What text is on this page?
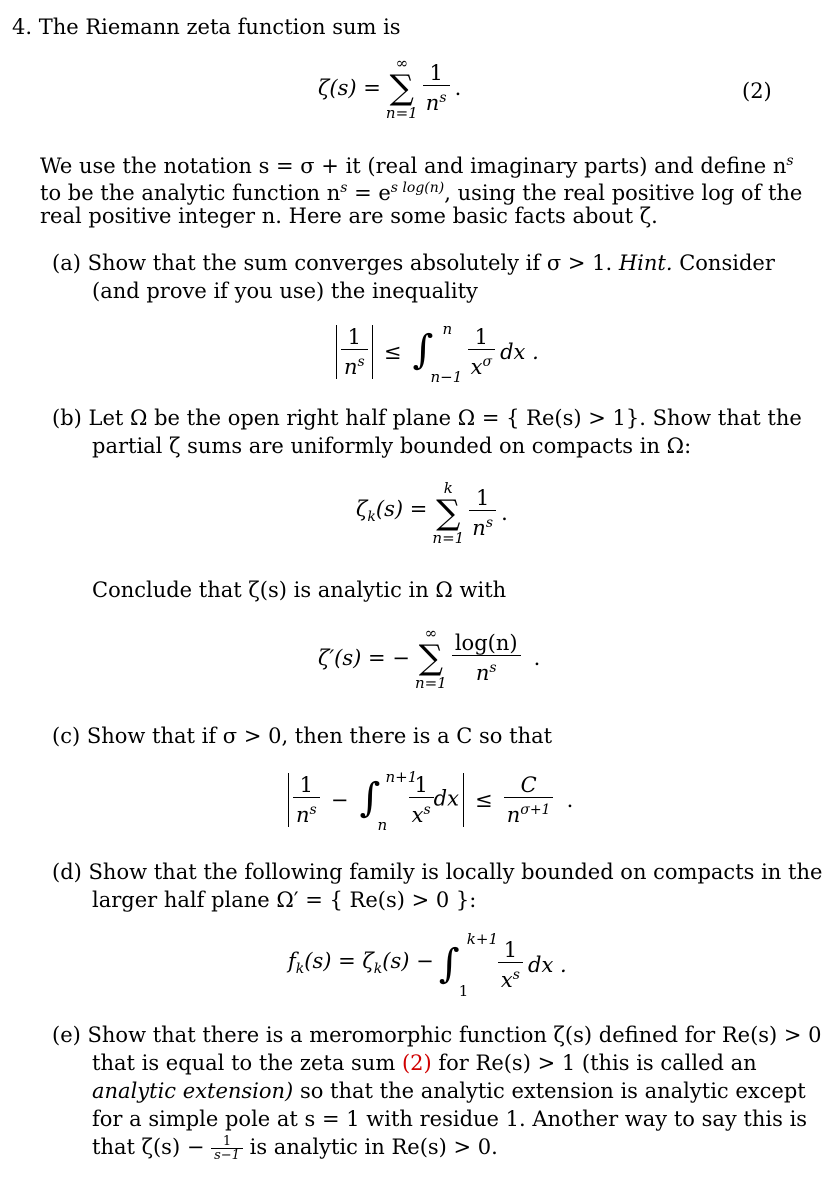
4. The Riemann zeta function sum is
ζ(s) =
∞
∑
n=1
$\frac{1}{n^s}$ .	(2)
We use the notation s = σ + it (real and imaginary parts) and define $n^s$
to be the analytic function $n^s = e^{s log(n)}$, using the real positive log of the
real positive integer n. Here are some basic facts about ζ.
(a) Show that the sum converges absolutely if σ > 1. Hint. Consider
(and prove if you use) the inequality
$\frac{1}{n^s}$ ≤ ∫ n
n−1
$\frac{1}{x^\sigma}$ dx .
(b) Let Ω be the open right half plane Ω = { Re(s) > 1}. Show that the
partial ζ sums are uniformly bounded on compacts in Ω:
$\zeta_k(s)$ =
k
∑
n=1
$\frac{1}{n^s}$ .
Conclude that ζ(s) is analytic in Ω with
ζ′(s) = −
∞
∑
n=1
$\frac{\log(n)}{n^s}$ .
(c) Show that if σ > 0, then there is a C so that
$\frac{1}{n^s}$ − ∫ n+1
n
$\frac{1}{x^s}$ dx ≤ $\frac{C}{n^{\sigma+1}}$ .
(d) Show that the following family is locally bounded on compacts in the
larger half plane Ω′ = { Re(s) > 0 }:
$f_k(s) = \zeta_k(s)$ − ∫
k+1
1
$\frac{1}{x^s}$ dx .
(e) Show that there is a meromorphic function ζ(s) defined for Re(s) > 0
that is equal to the zeta sum (2) for Re(s) > 1 (this is called an
analytic extension) so that the analytic extension is analytic except
for a simple pole at s = 1 with residue 1. Another way to say this is
that $\zeta(s) - \frac{1}{s-1}$ is analytic in Re(s) > 0.
